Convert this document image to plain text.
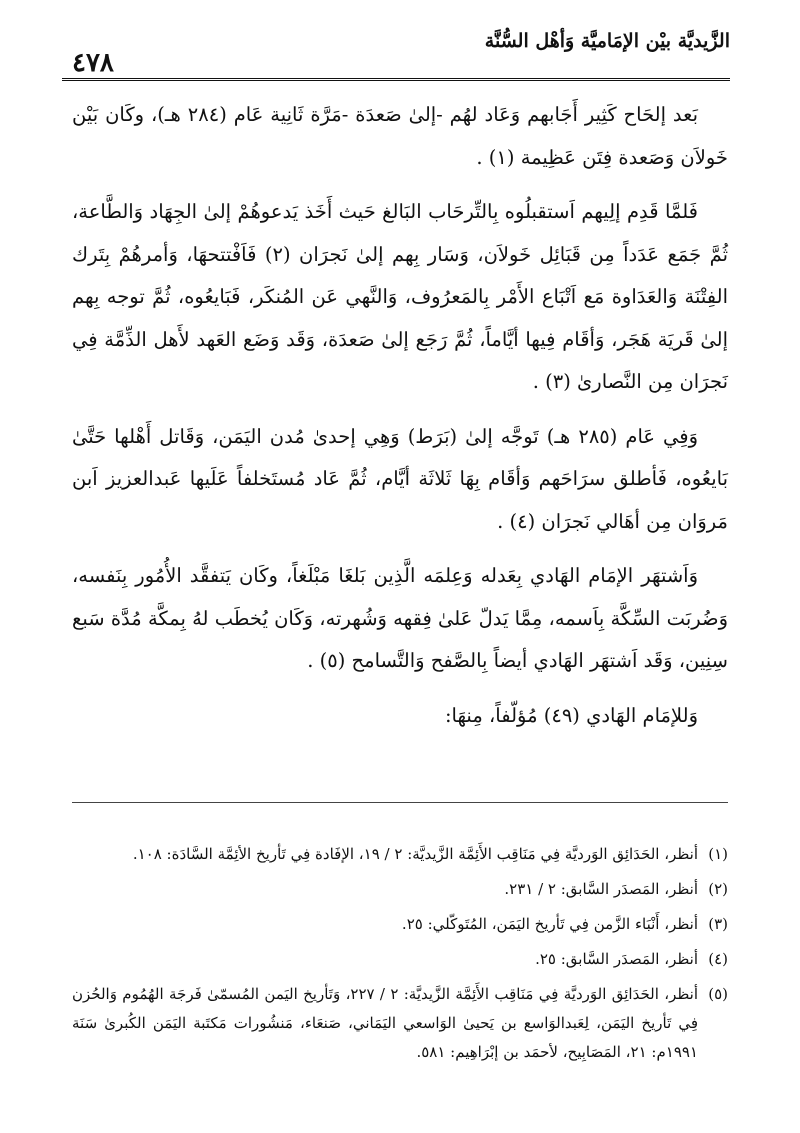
الزَّيديَّة بيْن الإمَاميَّة وَأهْل السُّنَّة
٤٧٨

بَعد إلحَاح كَثِير أَجَابهم وَعَاد لهُم -إلىٰ صَعدَة -مَرَّة ثَانِية عَام (٢٨٤ هـ)، وكَان بَيْن خَولاَن وَصَعدة فِتَن عَظِيمة (١) .

فَلمَّا قَدِم إلِيهم اَستقبلُوه بِالتِّرحَاب البَالغ حَيث أَخَذ يَدعوهُمْ إلىٰ الجِهَاد وَالطَّاعة، ثُمَّ جَمَع عَدَداً مِن قَبَائِل خَولاَن، وَسَار بِهم إلىٰ نَجرَان (٢) فَاَفْتتحهَا، وَأمرهُمْ بِتَرك الفِتْنَة وَالعَدَاوة مَع اَتْبَاع الأَمْر بِالمَعرُوف، وَالنَّهي عَن المُنكَر، فَبَايعُوه، ثُمَّ توجه بِهم إلىٰ قَريَة هَجَر، وَأقَام فِيها أيَّاماً، ثُمَّ رَجَع إلىٰ صَعدَة، وَقَد وَضَع العَهد لأَهل الذِّمَّة فِي نَجرَان مِن النَّصارىٰ (٣) .

وَفِي عَام (٢٨٥ هـ) تَوجَّه إلىٰ (بَرَط) وَهِي إحدىٰ مُدن اليَمَن، وَقَاتل أَهْلها حَتَّىٰ بَايعُوه، فَأطلق سرَاحَهم وَأقَام بِهَا ثَلاثَة أيَّام، ثُمَّ عَاد مُستَخلفاً عَلَيها عَبدالعزيز اَبن مَروَان مِن أهَالي نَجرَان (٤) .

وَاَشتهَر الإمَام الهَادي بِعَدله وَعِلمَه الَّذِين بَلغَا مَبْلَغاً، وكَان يَتفقَّد الأُمُور بِنَفسه، وَضُربَت السِّكَّة بِاَسمه، مِمَّا يَدلّ عَلىٰ فِقهه وَشُهرته، وَكَان يُخطَب لهُ بِمكَّة مُدَّة سَبع سِنِين، وَقَد اَشتهَر الهَادي أيضاً بِالصَّفح وَالتَّسامح (٥) .

وَللإمَام الهَادي (٤٩) مُؤلّفاً، مِنهَا:

(١)
أنظر، الحَدَائِق الوَرديَّة فِي مَنَاقِب الأَئِمَّة الزَّيديَّة: ٢ / ١٩، الإفَادة فِي تَأريخ الأئِمَّة السَّادَة: ١٠٨.
(٢)
أنظر، المَصدَر السَّابق: ٢ / ٢٣١.
(٣)
أنظر، أَنْبَاء الزَّمن فِي تَأريخ اليَمَن، المُتَوكّلي: ٢٥.
(٤)
أنظر، المَصدَر السَّابق: ٢٥.
(٥)
أنظر، الحَدَائِق الوَرديَّة فِي مَنَاقِب الأَئِمَّة الزَّيديَّة: ٢ / ٢٢٧، وَتَأريخ اليَمن المُسمّىٰ فَرجَة الهُمُوم وَالحُزن فِي تَأريخ اليَمَن، لِعَبدالوَاسع بن يَحيىٰ الوَاسعي اليَمَاني، صَنعَاء، مَنشُورات مَكتَبة اليَمَن الكُبرىٰ سَنَة ١٩٩١م: ٢١، المَصَابِيح، لأحمَد بن إبْرَاهِيم: ٥٨١.
